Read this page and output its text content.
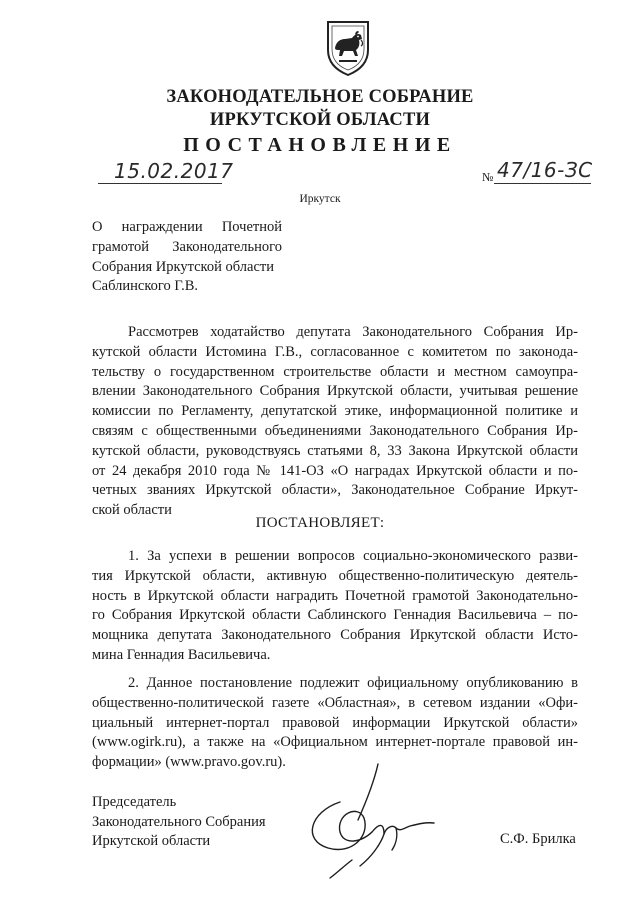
ЗАКОНОДАТЕЛЬНОЕ СОБРАНИЕ
ИРКУТСКОЙ ОБЛАСТИ
ПОСТАНОВЛЕНИЕ
15.02.2017	№ 47/16-ЗС
Иркутск
О награждении Почетной
грамотой Законодательного
Собрания Иркутской области
Саблинского Г.В.
Рассмотрев ходатайство депутата Законодательного Собрания Ир-
кутской области Истомина Г.В., согласованное с комитетом по законода-
тельству о государственном строительстве области и местном самоупра-
влении Законодательного Собрания Иркутской области, учитывая решение
комиссии по Регламенту, депутатской этике, информационной политике и
связям с общественными объединениями Законодательного Собрания Ир-
кутской области, руководствуясь статьями 8, 33 Закона Иркутской области
от 24 декабря 2010 года № 141-ОЗ «О наградах Иркутской области и по-
четных званиях Иркутской области», Законодательное Собрание Иркут-
ской области
ПОСТАНОВЛЯЕТ:
1. За успехи в решении вопросов социально-экономического разви-
тия Иркутской области, активную общественно-политическую деятель-
ность в Иркутской области наградить Почетной грамотой Законодательно-
го Собрания Иркутской области Саблинского Геннадия Васильевича – по-
мощника депутата Законодательного Собрания Иркутской области Исто-
мина Геннадия Васильевича.
2. Данное постановление подлежит официальному опубликованию в
общественно-политической газете «Областная», в сетевом издании «Офи-
циальный интернет-портал правовой информации Иркутской области»
(www.ogirk.ru), а также на «Официальном интернет-портале правовой ин-
формации» (www.pravo.gov.ru).
Председатель
Законодательного Собрания
Иркутской области	С.Ф. Брилка
